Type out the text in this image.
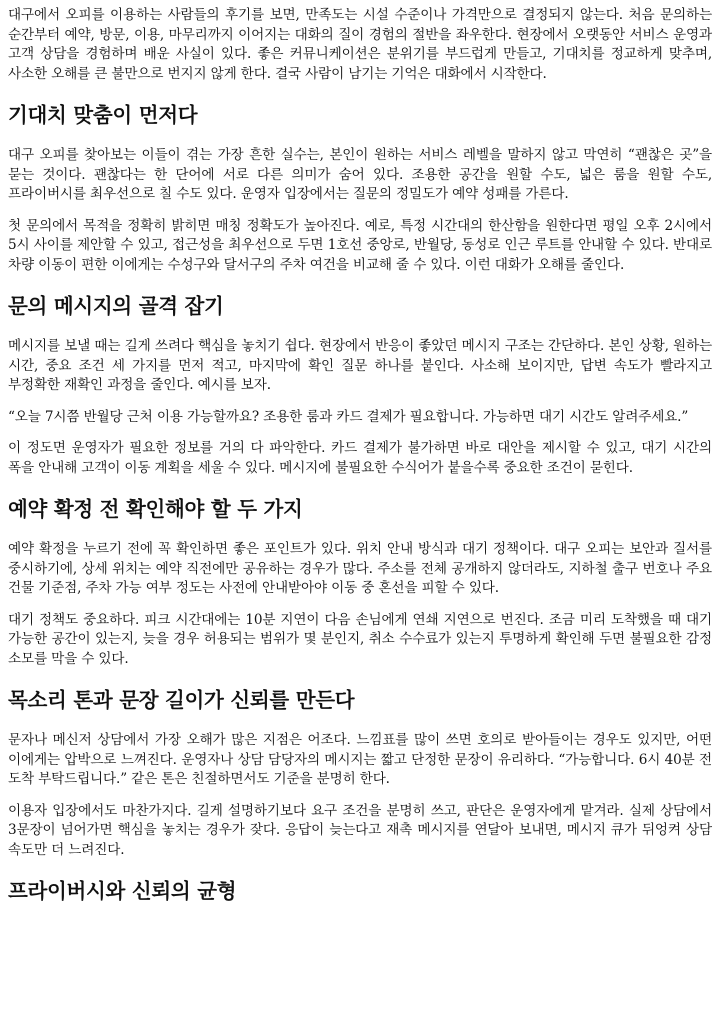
대구에서 오피를 이용하는 사람들의 후기를 보면, 만족도는 시설 수준이나 가격만으로 결정되지 않는다. 처음 문의하는 순간부터 예약, 방문, 이용, 마무리까지 이어지는 대화의 질이 경험의 절반을 좌우한다. 현장에서 오랫동안 서비스 운영과 고객 상담을 경험하며 배운 사실이 있다. 좋은 커뮤니케이션은 분위기를 부드럽게 만들고, 기대치를 정교하게 맞추며, 사소한 오해를 큰 불만으로 번지지 않게 한다. 결국 사람이 남기는 기억은 대화에서 시작한다.

기대치 맞춤이 먼저다

대구 오피를 찾아보는 이들이 겪는 가장 흔한 실수는, 본인이 원하는 서비스 레벨을 말하지 않고 막연히 “괜찮은 곳”을 묻는 것이다. 괜찮다는 한 단어에 서로 다른 의미가 숨어 있다. 조용한 공간을 원할 수도, 넓은 룸을 원할 수도, 프라이버시를 최우선으로 칠 수도 있다. 운영자 입장에서는 질문의 정밀도가 예약 성패를 가른다.

첫 문의에서 목적을 정확히 밝히면 매칭 정확도가 높아진다. 예로, 특정 시간대의 한산함을 원한다면 평일 오후 2시에서 5시 사이를 제안할 수 있고, 접근성을 최우선으로 두면 1호선 중앙로, 반월당, 동성로 인근 루트를 안내할 수 있다. 반대로 차량 이동이 편한 이에게는 수성구와 달서구의 주차 여건을 비교해 줄 수 있다. 이런 대화가 오해를 줄인다.

문의 메시지의 골격 잡기

메시지를 보낼 때는 길게 쓰려다 핵심을 놓치기 쉽다. 현장에서 반응이 좋았던 메시지 구조는 간단하다. 본인 상황, 원하는 시간, 중요 조건 세 가지를 먼저 적고, 마지막에 확인 질문 하나를 붙인다. 사소해 보이지만, 답변 속도가 빨라지고 부정확한 재확인 과정을 줄인다. 예시를 보자.

“오늘 7시쯤 반월당 근처 이용 가능할까요? 조용한 룸과 카드 결제가 필요합니다. 가능하면 대기 시간도 알려주세요.”

이 정도면 운영자가 필요한 정보를 거의 다 파악한다. 카드 결제가 불가하면 바로 대안을 제시할 수 있고, 대기 시간의 폭을 안내해 고객이 이동 계획을 세울 수 있다. 메시지에 불필요한 수식어가 붙을수록 중요한 조건이 묻힌다.

예약 확정 전 확인해야 할 두 가지

예약 확정을 누르기 전에 꼭 확인하면 좋은 포인트가 있다. 위치 안내 방식과 대기 정책이다. 대구 오피는 보안과 질서를 중시하기에, 상세 위치는 예약 직전에만 공유하는 경우가 많다. 주소를 전체 공개하지 않더라도, 지하철 출구 번호나 주요 건물 기준점, 주차 가능 여부 정도는 사전에 안내받아야 이동 중 혼선을 피할 수 있다.

대기 정책도 중요하다. 피크 시간대에는 10분 지연이 다음 손님에게 연쇄 지연으로 번진다. 조금 미리 도착했을 때 대기 가능한 공간이 있는지, 늦을 경우 허용되는 범위가 몇 분인지, 취소 수수료가 있는지 투명하게 확인해 두면 불필요한 감정 소모를 막을 수 있다.

목소리 톤과 문장 길이가 신뢰를 만든다

문자나 메신저 상담에서 가장 오해가 많은 지점은 어조다. 느낌표를 많이 쓰면 호의로 받아들이는 경우도 있지만, 어떤 이에게는 압박으로 느껴진다. 운영자나 상담 담당자의 메시지는 짧고 단정한 문장이 유리하다. “가능합니다. 6시 40분 전 도착 부탁드립니다.” 같은 톤은 친절하면서도 기준을 분명히 한다.

이용자 입장에서도 마찬가지다. 길게 설명하기보다 요구 조건을 분명히 쓰고, 판단은 운영자에게 맡겨라. 실제 상담에서 3문장이 넘어가면 핵심을 놓치는 경우가 잦다. 응답이 늦는다고 재촉 메시지를 연달아 보내면, 메시지 큐가 뒤엉켜 상담 속도만 더 느려진다.

프라이버시와 신뢰의 균형
